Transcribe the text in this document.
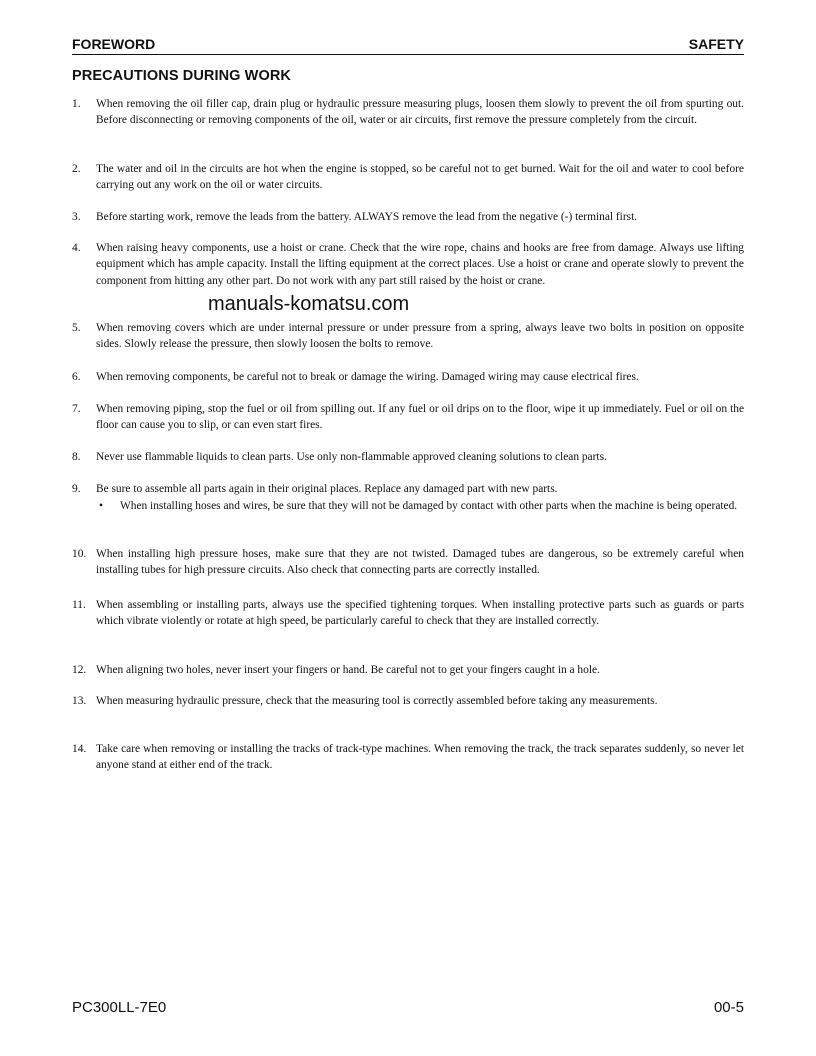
FOREWORD	SAFETY
PRECAUTIONS DURING WORK
1. When removing the oil filler cap, drain plug or hydraulic pressure measuring plugs, loosen them slowly to prevent the oil from spurting out. Before disconnecting or removing components of the oil, water or air circuits, first remove the pressure completely from the circuit.
2. The water and oil in the circuits are hot when the engine is stopped, so be careful not to get burned. Wait for the oil and water to cool before carrying out any work on the oil or water circuits.
3. Before starting work, remove the leads from the battery. ALWAYS remove the lead from the negative (-) terminal first.
4. When raising heavy components, use a hoist or crane. Check that the wire rope, chains and hooks are free from damage. Always use lifting equipment which has ample capacity. Install the lifting equipment at the correct places. Use a hoist or crane and operate slowly to prevent the component from hitting any other part. Do not work with any part still raised by the hoist or crane.
manuals-komatsu.com
5. When removing covers which are under internal pressure or under pressure from a spring, always leave two bolts in position on opposite sides. Slowly release the pressure, then slowly loosen the bolts to remove.
6. When removing components, be careful not to break or damage the wiring. Damaged wiring may cause electrical fires.
7. When removing piping, stop the fuel or oil from spilling out. If any fuel or oil drips on to the floor, wipe it up immediately. Fuel or oil on the floor can cause you to slip, or can even start fires.
8. Never use flammable liquids to clean parts. Use only non-flammable approved cleaning solutions to clean parts.
9. Be sure to assemble all parts again in their original places. Replace any damaged part with new parts.
• When installing hoses and wires, be sure that they will not be damaged by contact with other parts when the machine is being operated.
10. When installing high pressure hoses, make sure that they are not twisted. Damaged tubes are dangerous, so be extremely careful when installing tubes for high pressure circuits. Also check that connecting parts are correctly installed.
11. When assembling or installing parts, always use the specified tightening torques. When installing protective parts such as guards or parts which vibrate violently or rotate at high speed, be particularly careful to check that they are installed correctly.
12. When aligning two holes, never insert your fingers or hand. Be careful not to get your fingers caught in a hole.
13. When measuring hydraulic pressure, check that the measuring tool is correctly assembled before taking any measurements.
14. Take care when removing or installing the tracks of track-type machines. When removing the track, the track separates suddenly, so never let anyone stand at either end of the track.
PC300LL-7E0	00-5
